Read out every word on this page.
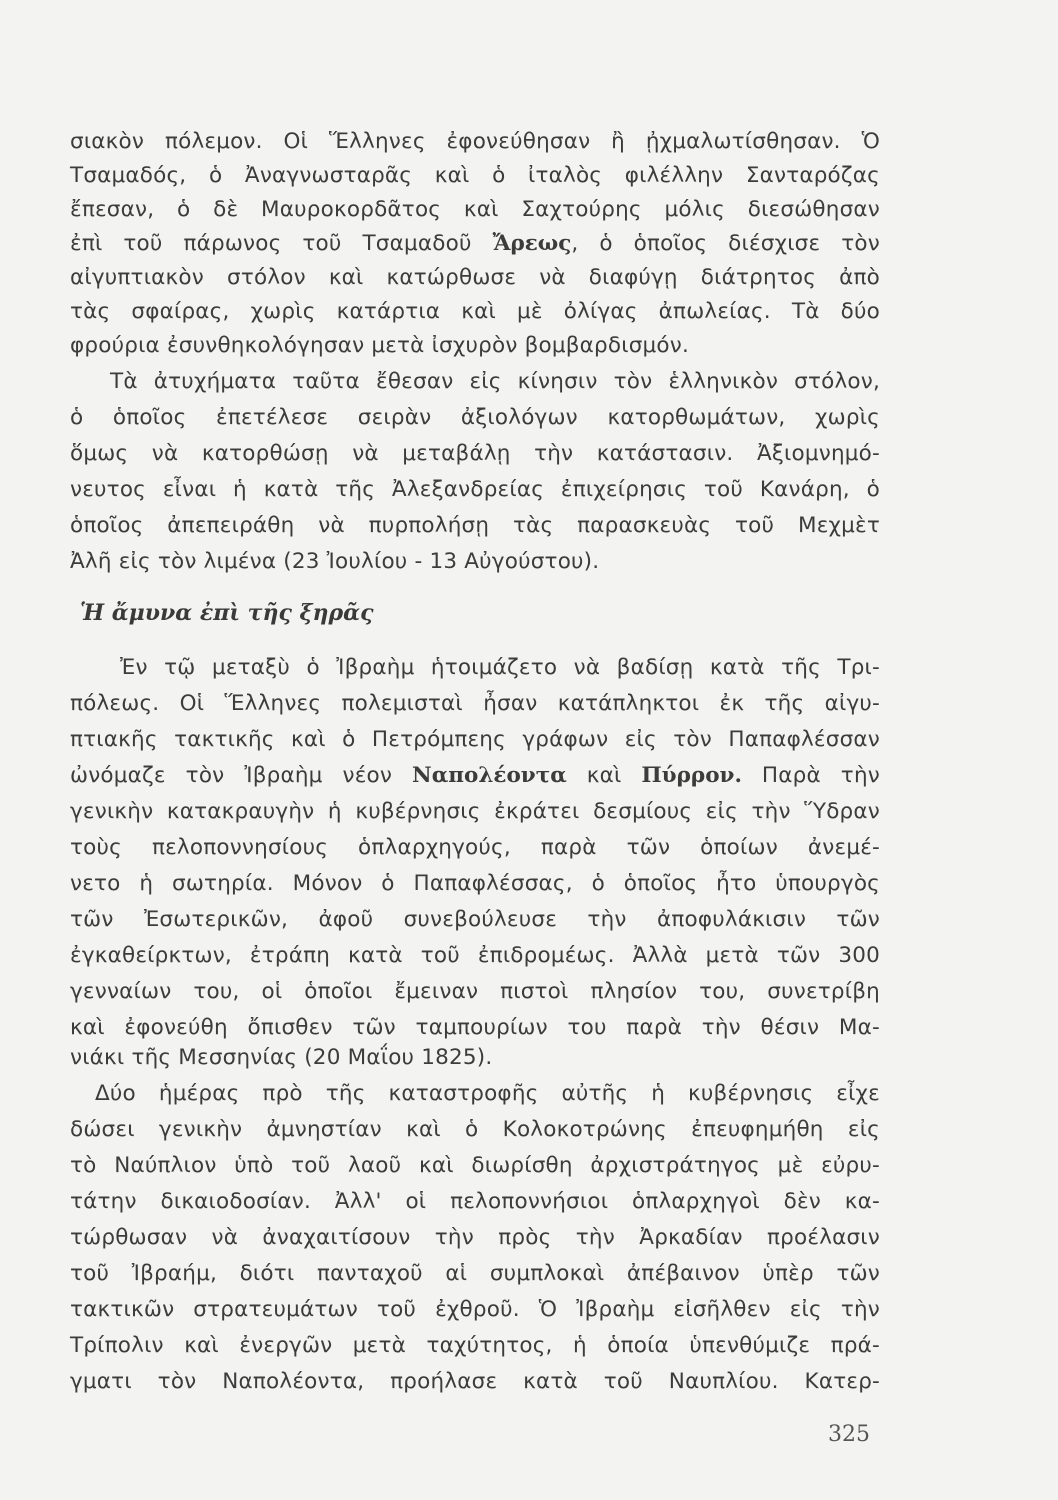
σιακὸν πόλεμον. Οἱ Ἕλληνες ἐφονεύθησαν ἢ ᾐχμαλωτίσθησαν. Ὁ
Τσαμαδός, ὁ Ἀναγνωσταρᾶς καὶ ὁ ἰταλὸς φιλέλλην Σανταρόζας
ἔπεσαν, ὁ δὲ Μαυροκορδᾶτος καὶ Σαχτούρης μόλις διεσώθησαν
ἐπὶ τοῦ πάρωνος τοῦ Τσαμαδοῦ Ἄρεως, ὁ ὁποῖος διέσχισε τὸν
αἰγυπτιακὸν στόλον καὶ κατώρθωσε νὰ διαφύγῃ διάτρητος ἀπὸ
τὰς σφαίρας, χωρὶς κατάρτια καὶ μὲ ὀλίγας ἀπωλείας. Τὰ δύο
φρούρια ἐσυνθηκολόγησαν μετὰ ἰσχυρὸν βομβαρδισμόν.
Τὰ ἀτυχήματα ταῦτα ἔθεσαν εἰς κίνησιν τὸν ἑλληνικὸν στόλον,
ὁ ὁποῖος ἐπετέλεσε σειρὰν ἀξιολόγων κατορθωμάτων, χωρὶς
ὅμως νὰ κατορθώσῃ νὰ μεταβάλῃ τὴν κατάστασιν. Ἀξιομνημό-
νευτος εἶναι ἡ κατὰ τῆς Ἀλεξανδρείας ἐπιχείρησις τοῦ Κανάρη, ὁ
ὁποῖος ἀπεπειράθη νὰ πυρπολήσῃ τὰς παρασκευὰς τοῦ Μεχμὲτ
Ἀλῆ εἰς τὸν λιμένα (23 Ἰουλίου - 13 Αὐγούστου).
Ἡ ἄμυνα ἐπὶ τῆς ξηρᾶς
Ἐν τῷ μεταξὺ ὁ Ἰβραὴμ ἡτοιμάζετο νὰ βαδίσῃ κατὰ τῆς Τρι-
πόλεως. Οἱ Ἕλληνες πολεμισταὶ ἦσαν κατάπληκτοι ἐκ τῆς αἰγυ-
πτιακῆς τακτικῆς καὶ ὁ Πετρόμπεης γράφων εἰς τὸν Παπαφλέσσαν
ὠνόμαζε τὸν Ἰβραὴμ νέον Ναπολέοντα καὶ Πύρρον. Παρὰ τὴν
γενικὴν κατακραυγὴν ἡ κυβέρνησις ἐκράτει δεσμίους εἰς τὴν Ὕδραν
τοὺς πελοποννησίους ὁπλαρχηγούς, παρὰ τῶν ὁποίων ἀνεμέ-
νετο ἡ σωτηρία. Μόνον ὁ Παπαφλέσσας, ὁ ὁποῖος ἦτο ὑπουργὸς
τῶν Ἐσωτερικῶν, ἀφοῦ συνεβούλευσε τὴν ἀποφυλάκισιν τῶν
ἐγκαθείρκτων, ἐτράπη κατὰ τοῦ ἐπιδρομέως. Ἀλλὰ μετὰ τῶν 300
γενναίων του, οἱ ὁποῖοι ἔμειναν πιστοὶ πλησίον του, συνετρίβη
καὶ ἐφονεύθη ὄπισθεν τῶν ταμπουρίων του παρὰ τὴν θέσιν Μα-
νιάκι τῆς Μεσσηνίας (20 Μαΐου 1825).
Δύο ἡμέρας πρὸ τῆς καταστροφῆς αὐτῆς ἡ κυβέρνησις εἶχε
δώσει γενικὴν ἀμνηστίαν καὶ ὁ Κολοκοτρώνης ἐπευφημήθη εἰς
τὸ Ναύπλιον ὑπὸ τοῦ λαοῦ καὶ διωρίσθη ἀρχιστράτηγος μὲ εὐρυ-
τάτην δικαιοδοσίαν. Ἀλλ' οἱ πελοποννήσιοι ὁπλαρχηγοὶ δὲν κα-
τώρθωσαν νὰ ἀναχαιτίσουν τὴν πρὸς τὴν Ἀρκαδίαν προέλασιν
τοῦ Ἰβραήμ, διότι πανταχοῦ αἱ συμπλοκαὶ ἀπέβαινον ὑπὲρ τῶν
τακτικῶν στρατευμάτων τοῦ ἐχθροῦ. Ὁ Ἰβραὴμ εἰσῆλθεν εἰς τὴν
Τρίπολιν καὶ ἐνεργῶν μετὰ ταχύτητος, ἡ ὁποία ὑπενθύμιζε πρά-
γματι τὸν Ναπολέοντα, προήλασε κατὰ τοῦ Ναυπλίου. Κατερ-
325
